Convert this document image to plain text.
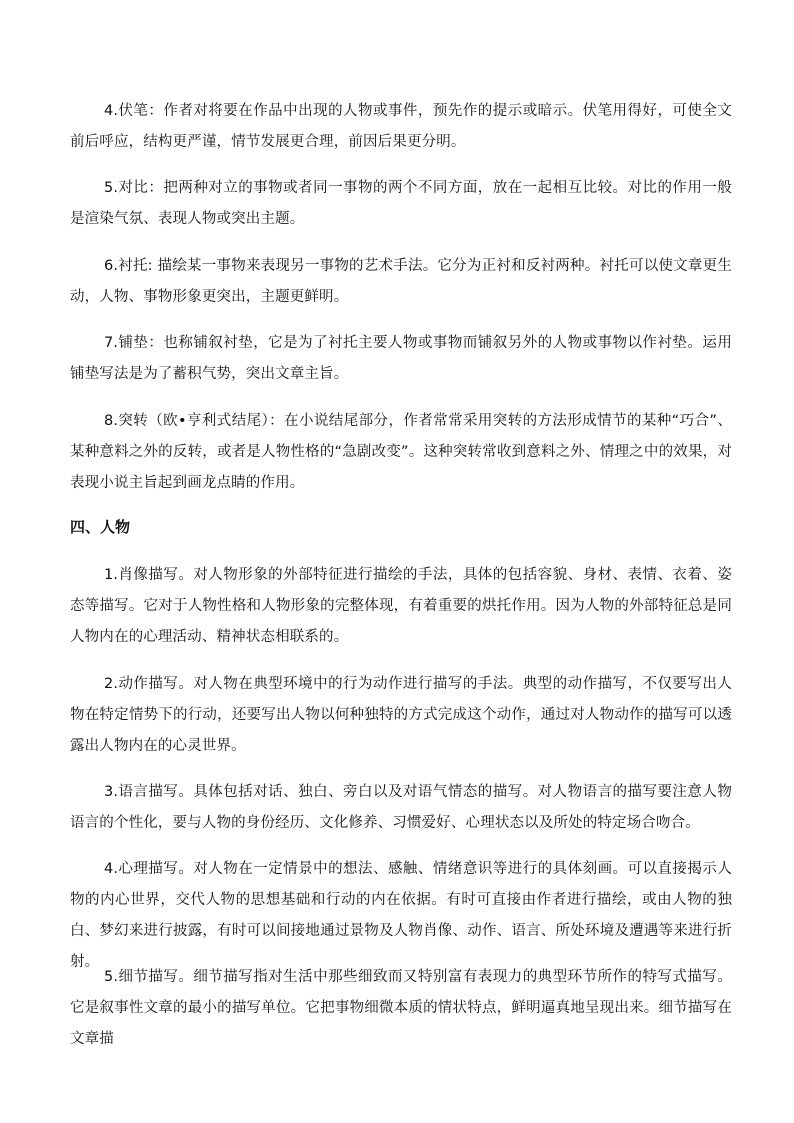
4.伏笔：作者对将要在作品中出现的人物或事件，预先作的提示或暗示。伏笔用得好，可使全文前后呼应，结构更严谨，情节发展更合理，前因后果更分明。

5.对比：把两种对立的事物或者同一事物的两个不同方面，放在一起相互比较。对比的作用一般是渲染气氛、表现人物或突出主题。

6.衬托: 描绘某一事物来表现另一事物的艺术手法。它分为正衬和反衬两种。衬托可以使文章更生动，人物、事物形象更突出，主题更鲜明。

7.铺垫：也称铺叙衬垫，它是为了衬托主要人物或事物而铺叙另外的人物或事物以作衬垫。运用铺垫写法是为了蓄积气势，突出文章主旨。

8.突转（欧•亨利式结尾）：在小说结尾部分，作者常常采用突转的方法形成情节的某种“巧合”、某种意料之外的反转，或者是人物性格的“急剧改变”。这种突转常收到意料之外、情理之中的效果，对表现小说主旨起到画龙点睛的作用。

四、人物

1.肖像描写。对人物形象的外部特征进行描绘的手法，具体的包括容貌、身材、表情、衣着、姿态等描写。它对于人物性格和人物形象的完整体现，有着重要的烘托作用。因为人物的外部特征总是同人物内在的心理活动、精神状态相联系的。

2.动作描写。对人物在典型环境中的行为动作进行描写的手法。典型的动作描写，不仅要写出人物在特定情势下的行动，还要写出人物以何种独特的方式完成这个动作，通过对人物动作的描写可以透露出人物内在的心灵世界。

3.语言描写。具体包括对话、独白、旁白以及对语气情态的描写。对人物语言的描写要注意人物语言的个性化，要与人物的身份经历、文化修养、习惯爱好、心理状态以及所处的特定场合吻合。

4.心理描写。对人物在一定情景中的想法、感触、情绪意识等进行的具体刻画。可以直接揭示人物的内心世界，交代人物的思想基础和行动的内在依据。有时可直接由作者进行描绘，或由人物的独白、梦幻来进行披露，有时可以间接地通过景物及人物肖像、动作、语言、所处环境及遭遇等来进行折射。

5.细节描写。细节描写指对生活中那些细致而又特别富有表现力的典型环节所作的特写式描写。它是叙事性文章的最小的描写单位。它把事物细微本质的情状特点，鲜明逼真地呈现出来。细节描写在文章描
